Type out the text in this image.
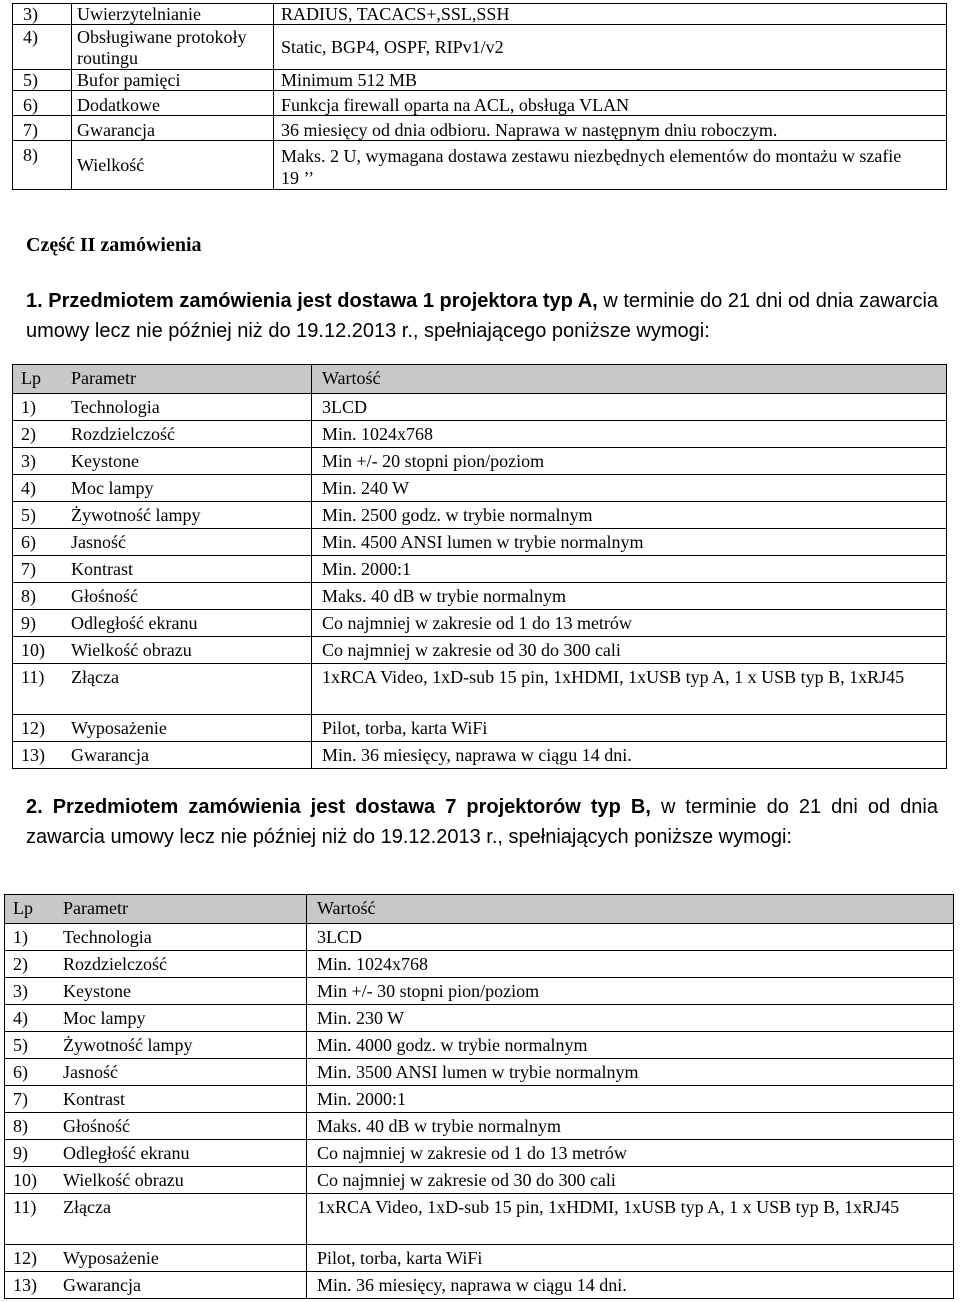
3)	Uwierzytelnianie	RADIUS, TACACS+,SSL,SSH
4)	Obsługiwane protokoły routingu	Static, BGP4, OSPF, RIPv1/v2
5)	Bufor pamięci	Minimum 512 MB
6)	Dodatkowe	Funkcja firewall oparta na ACL, obsługa VLAN
7)	Gwarancja	36 miesięcy od dnia odbioru. Naprawa w następnym dniu roboczym.
8)	Wielkość	Maks. 2 U, wymagana dostawa zestawu niezbędnych elementów do montażu w szafie 19 ’’
Część II zamówienia

1. Przedmiotem zamówienia jest dostawa 1 projektora typ A, w terminie do 21 dni od dnia zawarcia umowy lecz nie później niż do 19.12.2013 r., spełniającego poniższe wymogi:

Lp	Parametr	Wartość
1)	Technologia	3LCD
2)	Rozdzielczość	Min. 1024x768
3)	Keystone	Min +/- 20 stopni pion/poziom
4)	Moc lampy	Min. 240 W
5)	Żywotność lampy	Min. 2500 godz. w trybie normalnym
6)	Jasność	Min. 4500 ANSI lumen w trybie normalnym
7)	Kontrast	Min. 2000:1
8)	Głośność	Maks. 40 dB w trybie normalnym
9)	Odległość ekranu	Co najmniej w zakresie od 1 do 13 metrów
10)	Wielkość obrazu	Co najmniej w zakresie od 30 do 300 cali
11)	Złącza	1xRCA Video, 1xD-sub 15 pin, 1xHDMI, 1xUSB typ A, 1 x USB typ B, 1xRJ45
12)	Wyposażenie	Pilot, torba, karta WiFi
13)	Gwarancja	Min. 36 miesięcy, naprawa w ciągu 14 dni.

2. Przedmiotem zamówienia jest dostawa 7 projektorów typ B, w terminie do 21 dni od dnia zawarcia umowy lecz nie później niż do 19.12.2013 r., spełniających poniższe wymogi:

Lp	Parametr	Wartość
1)	Technologia	3LCD
2)	Rozdzielczość	Min. 1024x768
3)	Keystone	Min +/- 30 stopni pion/poziom
4)	Moc lampy	Min. 230 W
5)	Żywotność lampy	Min. 4000 godz. w trybie normalnym
6)	Jasność	Min. 3500 ANSI lumen w trybie normalnym
7)	Kontrast	Min. 2000:1
8)	Głośność	Maks. 40 dB w trybie normalnym
9)	Odległość ekranu	Co najmniej w zakresie od 1 do 13 metrów
10)	Wielkość obrazu	Co najmniej w zakresie od 30 do 300 cali
11)	Złącza	1xRCA Video, 1xD-sub 15 pin, 1xHDMI, 1xUSB typ A, 1 x USB typ B, 1xRJ45
12)	Wyposażenie	Pilot, torba, karta WiFi
13)	Gwarancja	Min. 36 miesięcy, naprawa w ciągu 14 dni.
